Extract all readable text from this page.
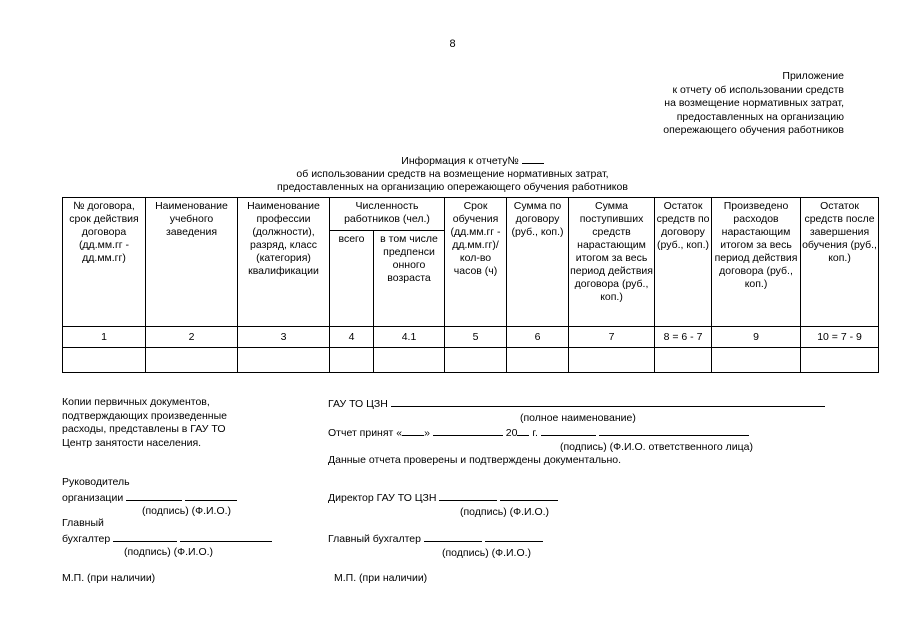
8
Приложение
к отчету об использовании средств
на возмещение нормативных затрат,
предоставленных на организацию
опережающего обучения работников
Информация к отчету№
об использовании средств на возмещение нормативных затрат,
предоставленных на организацию опережающего обучения работников
№ договора, срок действия договора (дд.мм.гг - дд.мм.гг)	Наименование учебного заведения	Наименование профессии (должности), разряд, класс (категория) квалификации	Численность работников (чел.)		Срок обучения (дд.мм.гг - дд.мм.гг)/ кол-во часов (ч)	Сумма по договору (руб., коп.)	Сумма поступивших средств нарастающим итогом за весь период действия договора (руб., коп.)	Остаток средств по договору (руб., коп.)	Произведено расходов нарастающим итогом за весь период действия договора (руб., коп.)	Остаток средств после завершения обучения (руб., коп.)
			всего	в том числе предпенси онного возраста						
1	2	3	4	4.1	5	6	7	8 = 6 - 7	9	10 = 7 - 9

Копии первичных документов,
подтверждающих произведенные
расходы, представлены в ГАУ ТО
Центр занятости населения.
Руководитель
организации
(подпись) (Ф.И.О.)
Главный
бухгалтер
(подпись) (Ф.И.О.)
М.П. (при наличии)
ГАУ ТО ЦЗН
(полное наименование)
Отчет принят « »	20 г.
(подпись) (Ф.И.О. ответственного лица)
Данные отчета проверены и подтверждены документально.
Директор ГАУ ТО ЦЗН
(подпись) (Ф.И.О.)
Главный бухгалтер
(подпись) (Ф.И.О.)
М.П. (при наличии)
